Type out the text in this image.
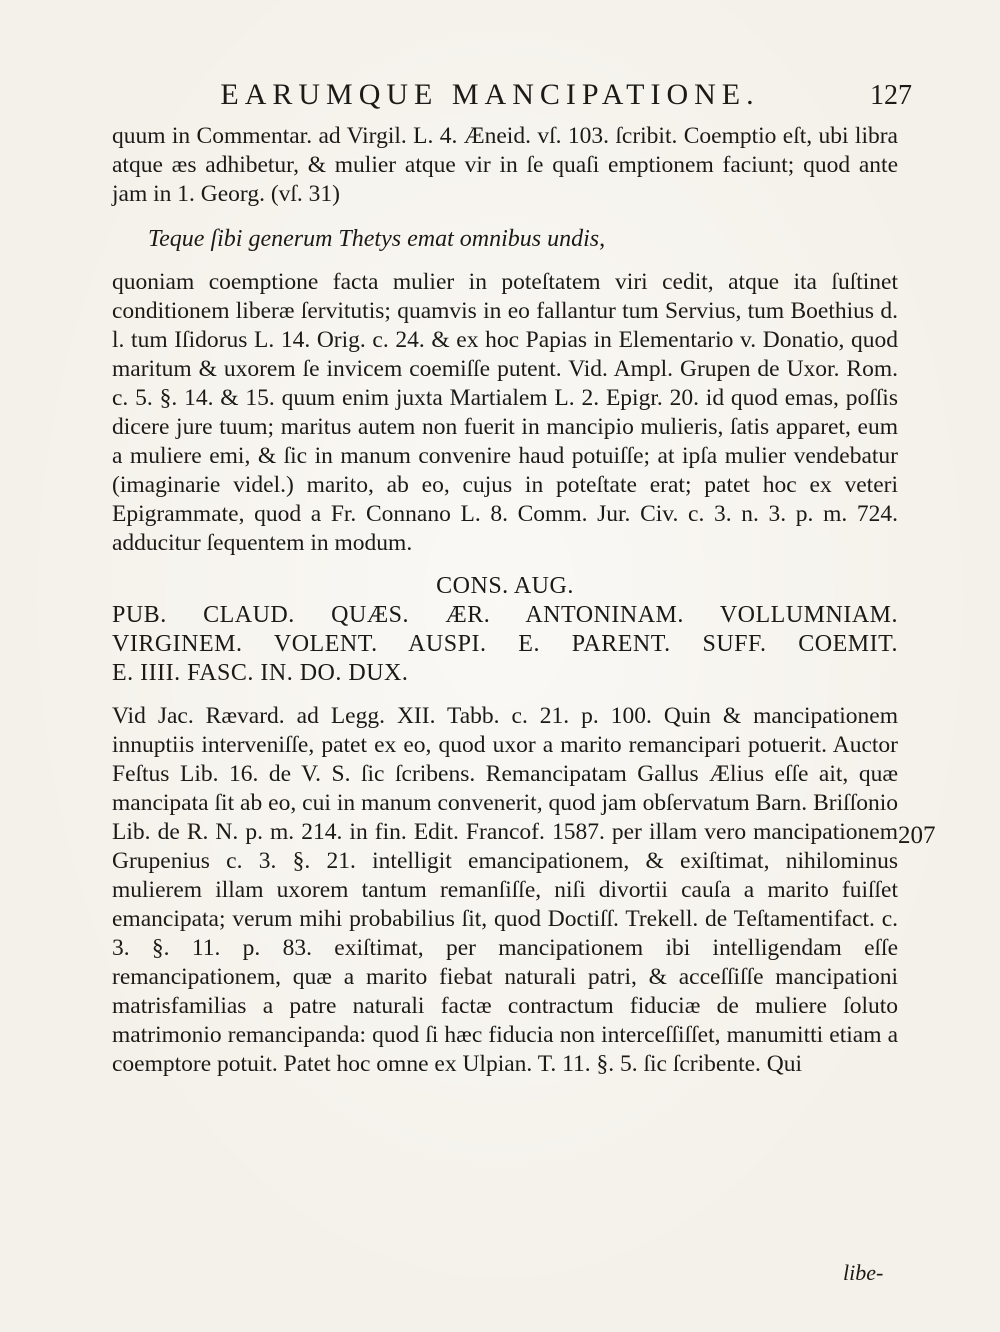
EARUMQUE MANCIPATIONE.	127

quum in Commentar. ad Virgil. L. 4. Æneid. vſ. 103. ſcribit. Coemptio eſt, ubi libra atque æs adhibetur, & mulier atque vir in ſe quaſi emptionem faciunt; quod ante jam in 1. Georg. (vſ. 31)

Teque ſibi generum Thetys emat omnibus undis,

quoniam coemptione facta mulier in poteſtatem viri cedit, atque ita ſuſtinet conditionem liberæ ſervitutis; quamvis in eo fallantur tum Servius, tum Boethius d. l. tum Iſidorus L. 14. Orig. c. 24. & ex hoc Papias in Elementario v. Donatio, quod maritum & uxorem ſe invicem coemiſſe putent. Vid. Ampl. Grupen de Uxor. Rom. c. 5. §. 14. & 15. quum enim juxta Martialem L. 2. Epigr. 20. id quod emas, poſſis dicere jure tuum; maritus autem non fuerit in mancipio mulieris, ſatis apparet, eum a muliere emi, & ſic in manum convenire haud potuiſſe; at ipſa mulier vendebatur (imaginarie videl.) marito, ab eo, cujus in poteſtate erat; patet hoc ex veteri Epigrammate, quod a Fr. Connano L. 8. Comm. Jur. Civ. c. 3. n. 3. p. m. 724. adducitur ſequentem in modum.

CONS. AUG.
PUB. CLAUD. QUÆS. ÆR. ANTONINAM. VOLLUMNIAM.
VIRGINEM. VOLENT. AUSPI. E. PARENT. SUFF. COEMIT.
E. IIII. FASC. IN. DO. DUX.

Vid Jac. Rævard. ad Legg. XII. Tabb. c. 21. p. 100. Quin & mancipationem innuptiis interveniſſe, patet ex eo, quod uxor a marito remancipari potuerit. Auctor Feſtus Lib. 16. de V. S. ſic ſcribens. Remancipatam Gallus Ælius eſſe ait, quæ mancipata ſit ab eo, cui in manum convenerit, quod jam obſervatum Barn. Briſſonio Lib. de R. N. p. m. 214. in fin. Edit. Francof. 1587. per illam vero mancipationem Grupenius c. 3. §. 21. intelligit emancipationem, & exiſtimat, nihilominus mulierem illam uxorem tantum remanſiſſe, niſi divortii cauſa a marito fuiſſet emancipata; verum mihi probabilius ſit, quod Doctiſſ. Trekell. de Teſtamentifact. c. 3. §. 11. p. 83. exiſtimat, per mancipationem ibi intelligendam eſſe remancipationem, quæ a marito fiebat naturali patri, & acceſſiſſe mancipationi matrisfamilias a patre naturali factæ contractum fiduciæ de muliere ſoluto matrimonio remancipanda: quod ſi hæc fiducia non interceſſiſſet, manumitti etiam a coemptore potuit. Patet hoc omne ex Ulpian. T. 11. §. 5. ſic ſcribente. Qui

207
libe-
